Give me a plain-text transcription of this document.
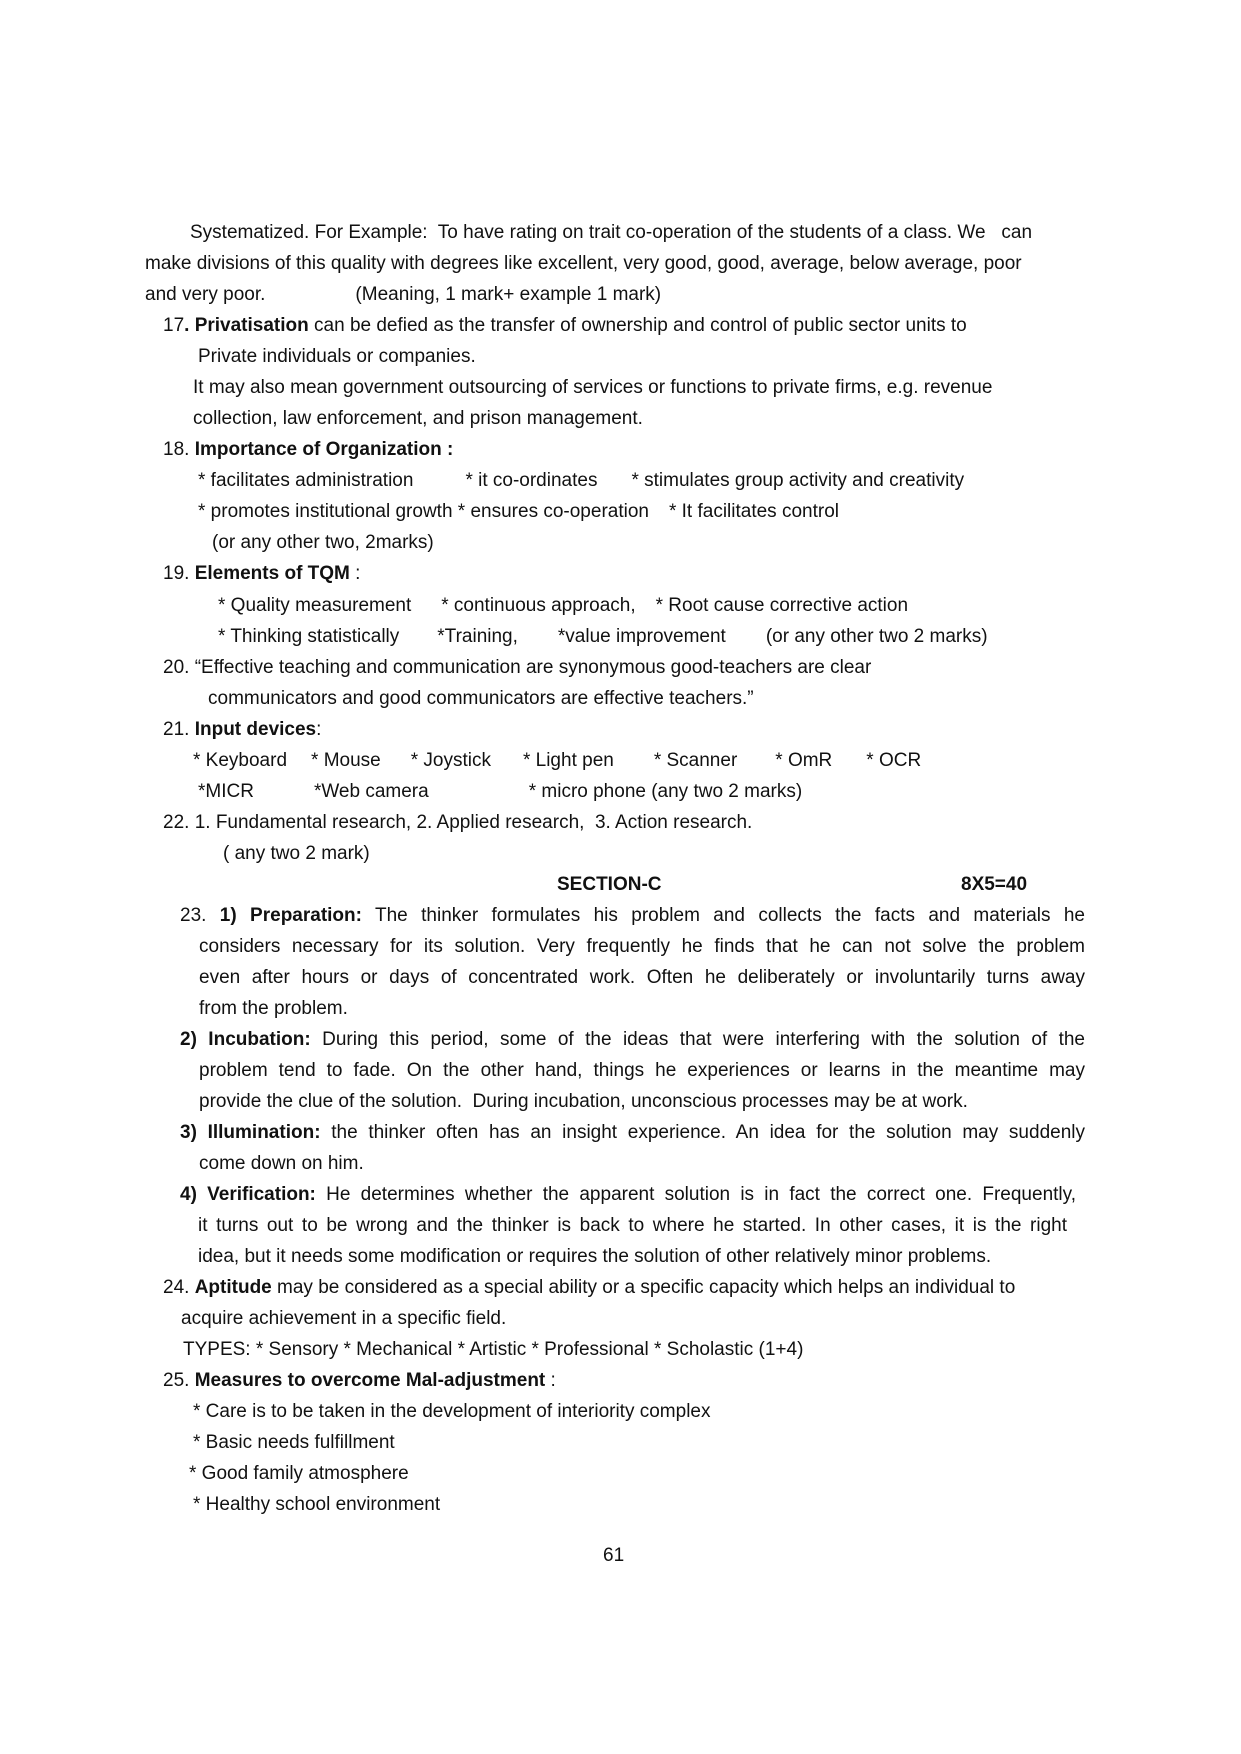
Systematized. For Example:  To have rating on trait co-operation of the students of a class. We   can
make divisions of this quality with degrees like excellent, very good, good, average, below average, poor
and very poor.	(Meaning, 1 mark+ example 1 mark)
17. Privatisation can be defied as the transfer of ownership and control of public sector units to
Private individuals or companies.
It may also mean government outsourcing of services or functions to private firms, e.g. revenue
collection, law enforcement, and prison management.
18. Importance of Organization :
* facilitates administration	* it co-ordinates * stimulates group activity and creativity
* promotes institutional growth * ensures co-operation * It facilitates control
(or any other two, 2marks)
19. Elements of TQM :
* Quality measurement * continuous approach, * Root cause corrective action
* Thinking statistically *Training, *value improvement (or any other two 2 marks)
20. “Effective teaching and communication are synonymous good-teachers are clear
communicators and good communicators are effective teachers.”
21. Input devices:
* Keyboard * Mouse * Joystick * Light pen * Scanner * OmR * OCR
*MICR	*Web camera	* micro phone (any two 2 marks)
22. 1. Fundamental research, 2. Applied research,  3. Action research.
( any two 2 mark)
SECTION-C	8X5=40
23. 1) Preparation: The thinker formulates his problem and collects the facts and materials he
considers necessary for its solution. Very frequently he finds that he can not solve the problem
even after hours or days of concentrated work. Often he deliberately or involuntarily turns away
from the problem.
2) Incubation: During this period, some of the ideas that were interfering with the solution of the
problem tend to fade. On the other hand, things he experiences or learns in the meantime may
provide the clue of the solution.  During incubation, unconscious processes may be at work.
3) Illumination: the thinker often has an insight experience. An idea for the solution may suddenly
come down on him.
4) Verification: He determines whether the apparent solution is in fact the correct one. Frequently,
it turns out to be wrong and the thinker is back to where he started. In other cases, it is the right
idea, but it needs some modification or requires the solution of other relatively minor problems.
24. Aptitude may be considered as a special ability or a specific capacity which helps an individual to
acquire achievement in a specific field.
TYPES: * Sensory * Mechanical * Artistic * Professional * Scholastic (1+4)
25. Measures to overcome Mal-adjustment :
* Care is to be taken in the development of interiority complex
* Basic needs fulfillment
* Good family atmosphere
* Healthy school environment
61
